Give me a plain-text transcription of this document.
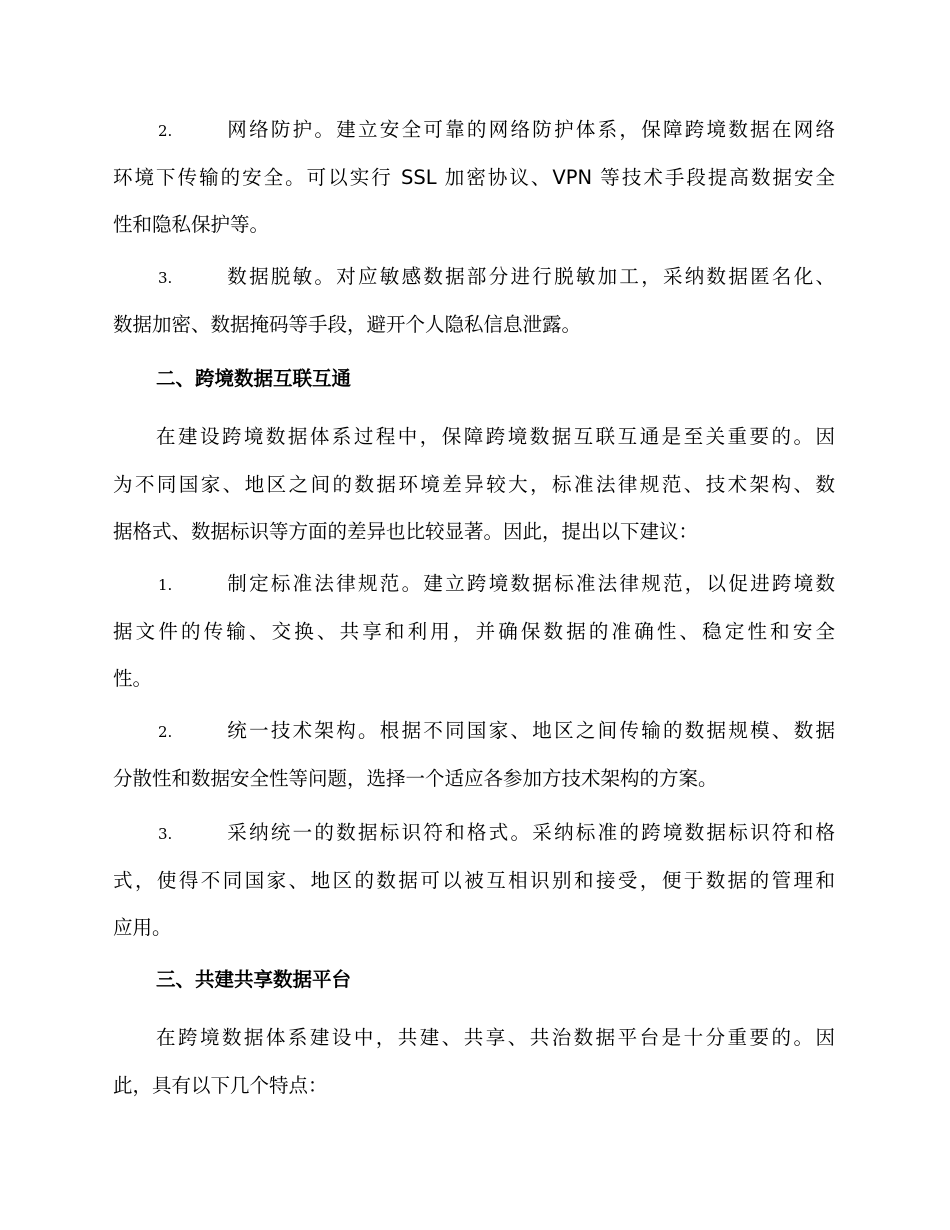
2.	网络防护。建立安全可靠的网络防护体系，保障跨境数据在网络
环境下传输的安全。可以实行 SSL 加密协议、VPN 等技术手段提高数据安全
性和隐私保护等。
3.	数据脱敏。对应敏感数据部分进行脱敏加工，采纳数据匿名化、
数据加密、数据掩码等手段，避开个人隐私信息泄露。
二、跨境数据互联互通
在建设跨境数据体系过程中，保障跨境数据互联互通是至关重要的。因
为不同国家、地区之间的数据环境差异较大，标准法律规范、技术架构、数
据格式、数据标识等方面的差异也比较显著。因此，提出以下建议：
1.	制定标准法律规范。建立跨境数据标准法律规范，以促进跨境数
据文件的传输、交换、共享和利用，并确保数据的准确性、稳定性和安全
性。
2.	统一技术架构。根据不同国家、地区之间传输的数据规模、数据
分散性和数据安全性等问题，选择一个适应各参加方技术架构的方案。
3.	采纳统一的数据标识符和格式。采纳标准的跨境数据标识符和格
式，使得不同国家、地区的数据可以被互相识别和接受，便于数据的管理和
应用。
三、共建共享数据平台
在跨境数据体系建设中，共建、共享、共治数据平台是十分重要的。因
此，具有以下几个特点：
